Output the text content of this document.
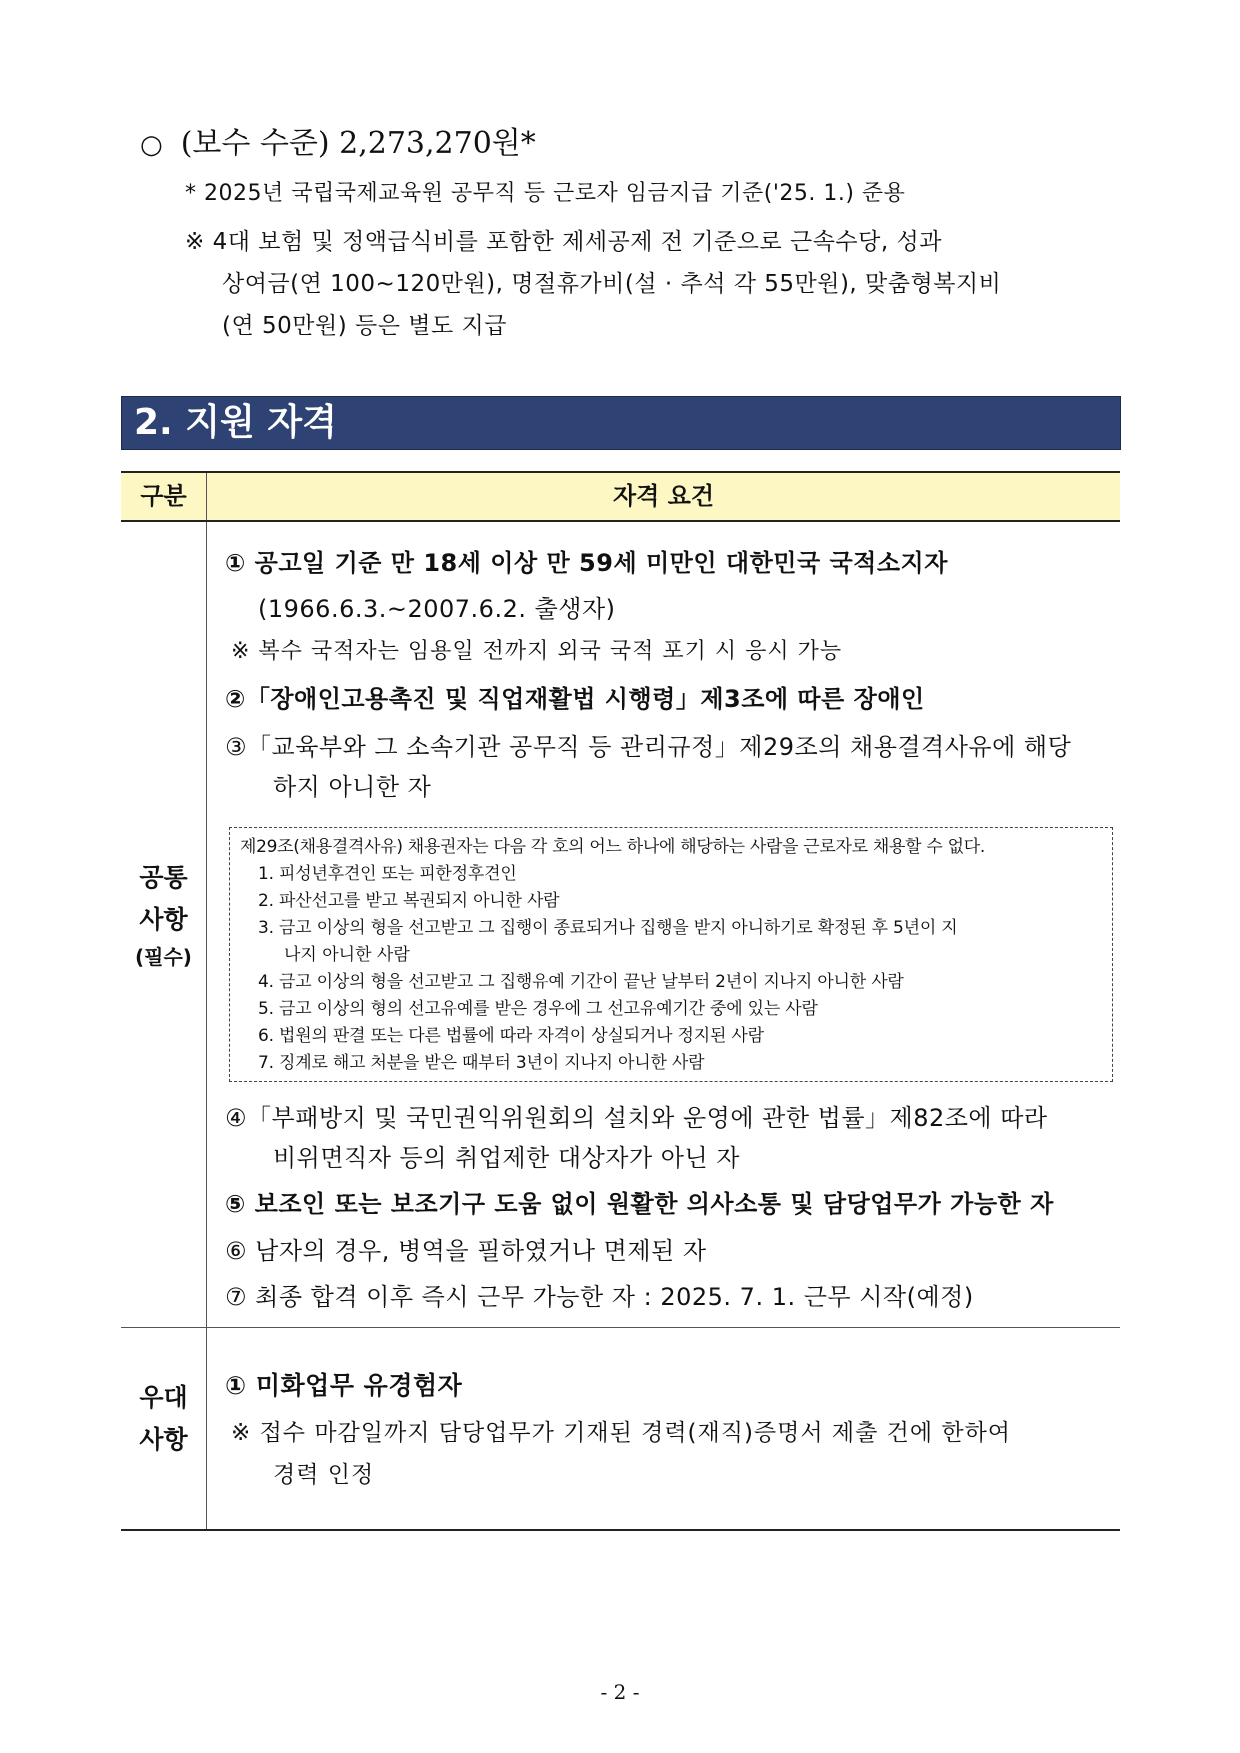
○ (보수 수준) 2,273,270원*
* 2025년 국립국제교육원 공무직 등 근로자 임금지급 기준('25. 1.) 준용
※ 4대 보험 및 정액급식비를 포함한 제세공제 전 기준으로 근속수당, 성과
상여금(연 100∼120만원), 명절휴가비(설 · 추석 각 55만원), 맞춤형복지비
(연 50만원) 등은 별도 지급
2. 지원 자격
구분	자격 요건
공통
사항
(필수)
① 공고일 기준 만 18세 이상 만 59세 미만인 대한민국 국적소지자
(1966.6.3.~2007.6.2. 출생자)
※ 복수 국적자는 임용일 전까지 외국 국적 포기 시 응시 가능
②「장애인고용촉진 및 직업재활법 시행령」제3조에 따른 장애인
③「교육부와 그 소속기관 공무직 등 관리규정」제29조의 채용결격사유에 해당
하지 아니한 자
제29조(채용결격사유) 채용권자는 다음 각 호의 어느 하나에 해당하는 사람을 근로자로 채용할 수 없다.
1. 피성년후견인 또는 피한정후견인
2. 파산선고를 받고 복권되지 아니한 사람
3. 금고 이상의 형을 선고받고 그 집행이 종료되거나 집행을 받지 아니하기로 확정된 후 5년이 지
나지 아니한 사람
4. 금고 이상의 형을 선고받고 그 집행유예 기간이 끝난 날부터 2년이 지나지 아니한 사람
5. 금고 이상의 형의 선고유예를 받은 경우에 그 선고유예기간 중에 있는 사람
6. 법원의 판결 또는 다른 법률에 따라 자격이 상실되거나 정지된 사람
7. 징계로 해고 처분을 받은 때부터 3년이 지나지 아니한 사람
④「부패방지 및 국민권익위원회의 설치와 운영에 관한 법률」제82조에 따라
비위면직자 등의 취업제한 대상자가 아닌 자
⑤ 보조인 또는 보조기구 도움 없이 원활한 의사소통 및 담당업무가 가능한 자
⑥ 남자의 경우, 병역을 필하였거나 면제된 자
⑦ 최종 합격 이후 즉시 근무 가능한 자 : 2025. 7. 1. 근무 시작(예정)
우대
사항
① 미화업무 유경험자
※ 접수 마감일까지 담당업무가 기재된 경력(재직)증명서 제출 건에 한하여
경력 인정
- 2 -
